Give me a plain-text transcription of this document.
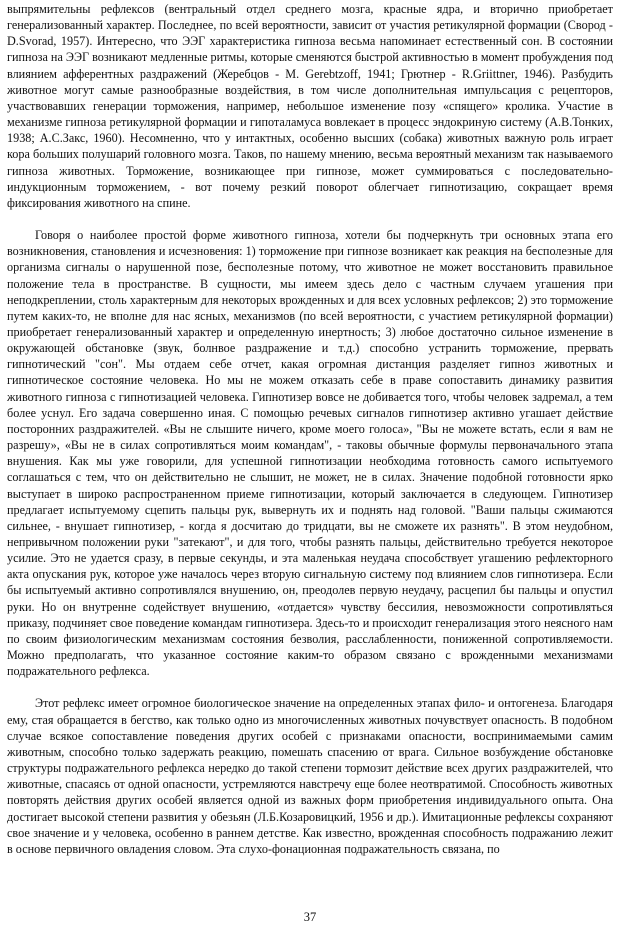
выпрямительны рефлексов (вентральный отдел среднего мозга, красные ядра, и вторично приобретает генерализованный характер. Последнее, по всей вероятности, зависит от участия ретикулярной формации (Свород - D.Svorad, 1957). Интересно, что ЭЭГ характеристика гипноза весьма напоминает естественный сон. В состоянии гипноза на ЭЭГ возникают медленные ритмы, которые сменяются быстрой активностью в момент пробуждения под влиянием афферентных раздражений (Жеребцов - M. Gerebtzoff, 1941; Грютнер - R.Griittner, 1946). Разбудить животное могут самые разнообразные воздействия, в том числе дополнительная импульсация с рецепторов, участвовавших генерации торможения, например, небольшое изменение позу «спящего» кролика. Участие в механизме гипноза ретикулярной формации и гипоталамуса вовлекает в процесс эндокриную систему (А.В.Тонких, 1938; А.С.Закс, 1960). Несомненно, что у интактных, особенно высших (собака) животных важную роль играет кора больших полушарий головного мозга. Таков, по нашему мнению, весьма вероятный механизм так называемого гипноза животных. Торможение, возникающее при гипнозе, может суммироваться с последовательно-индукционным торможением, - вот почему резкий поворот облегчает гипнотизацию, сокращает время фиксирования животного на спине.

Говоря о наиболее простой форме животного гипноза, хотели бы подчеркнуть три основных этапа его возникновения, становления и исчезновения: 1) торможение при гипнозе возникает как реакция на бесполезные для организма сигналы о нарушенной позе, бесполезные потому, что животное не может восстановить правильное положение тела в пространстве. В сущности, мы имеем здесь дело с частным случаем угашения при неподкреплении, столь характерным для некоторых врожденных и для всех условных рефлексов; 2) это торможение путем каких-то, не вполне для нас ясных, механизмов (по всей вероятности, с участием ретикулярной формации) приобретает генерализованный характер и определенную инертность; 3) любое достаточно сильное изменение в окружающей обстановке (звук, болнвое раздражение и т.д.) способно устранить торможение, прервать гипнотический "сон". Мы отдаем себе отчет, какая огромная дистанция разделяет гипноз животных и гипнотическое состояние человека. Но мы не можем отказать себе в праве сопоставить динамику развития животного гипноза с гипнотизацией человека. Гипнотизер вовсе не добивается того, чтобы человек задремал, а тем более уснул. Его задача совершенно иная. С помощью речевых сигналов гипнотизер активно угашает действие посторонних раздражителей. «Вы не слышите ничего, кроме моего голоса», "Вы не можете встать, если я вам не разрешу», «Вы не в силах сопротивляться моим командам", - таковы обычные формулы первоначального этапа внушения. Как мы уже говорили, для успешной гипнотизации необходима готовность самого испытуемого соглашаться с тем, что он действительно не слышит, не может, не в силах. Значение подобной готовности ярко выступает в широко распространенном приеме гипнотизации, который заключается в следующем. Гипнотизер предлагает испытуемому сцепить пальцы рук, вывернуть их и поднять над головой. "Ваши пальцы сжимаются сильнее, - внушает гипнотизер, - когда я досчитаю до тридцати, вы не сможете их разнять". В этом неудобном, непривычном положении руки "затекают", и для того, чтобы разнять пальцы, действительно требуется некоторое усилие. Это не удается сразу, в первые секунды, и эта маленькая неудача способствует угашению рефлекторного акта опускания рук, которое уже началось через вторую сигнальную систему под влиянием слов гипнотизера. Если бы испытуемый активно сопротивлялся внушению, он, преодолев первую неудачу, расцепил бы пальцы и опустил руки. Но он внутренне содействует внушению, «отдается» чувству бессилия, невозможности сопротивляться приказу, подчиняет свое поведение командам гипнотизера. Здесь-то и происходит генерализация этого неясного нам по своим физиологическим механизмам состояния безволия, расслабленности, пониженной сопротивляемости. Можно предполагать, что указанное состояние каким-то образом связано с врожденными механизмами подражательного рефлекса.

Этот рефлекс имеет огромное биологическое значение на определенных этапах фило- и онтогенеза. Благодаря ему, стая обращается в бегство, как только одно из многочисленных животных почувствует опасность. В подобном случае всякое сопоставление поведения других особей с признаками опасности, воспринимаемыми самим животным, способно только задержать реакцию, помешать спасению от врага. Сильное возбуждение обстановке структуры подражательного рефлекса нередко до такой степени тормозит действие всех других раздражителей, что животные, спасаясь от одной опасности, устремляются навстречу еще более неотвратимой. Способность животных повторять действия других особей является одной из важных форм приобретения индивидуального опыта. Она достигает высокой степени развития у обезьян (Л.Б.Козаровицкий, 1956 и др.). Имитационные рефлексы сохраняют свое значение и у человека, особенно в раннем детстве. Как известно, врожденная способность подражанию лежит в основе первичного овладения словом. Эта слухо-фонационная подражательность связана, по

37
